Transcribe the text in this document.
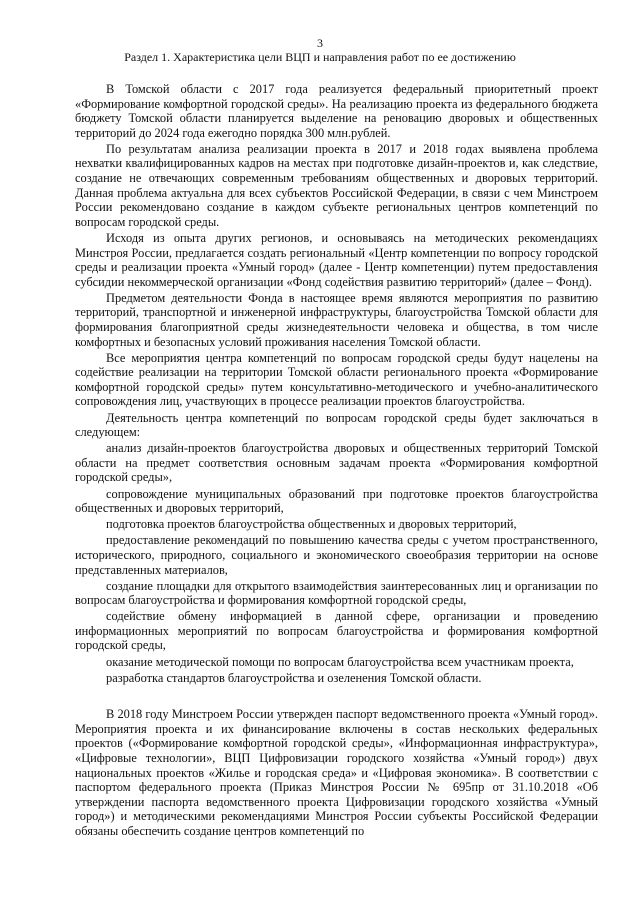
3
Раздел 1. Характеристика цели ВЦП и направления работ по ее достижению

В Томской области с 2017 года реализуется федеральный приоритетный проект «Формирование комфортной городской среды». На реализацию проекта из федерального бюджета бюджету Томской области планируется выделение на реновацию дворовых и общественных территорий до 2024 года ежегодно порядка 300 млн.рублей.

По результатам анализа реализации проекта в 2017 и 2018 годах выявлена проблема нехватки квалифицированных кадров на местах при подготовке дизайн-проектов и, как следствие, создание не отвечающих современным требованиям общественных и дворовых территорий. Данная проблема актуальна для всех субъектов Российской Федерации, в связи с чем Минстроем России рекомендовано создание в каждом субъекте региональных центров компетенций по вопросам городской среды.

Исходя из опыта других регионов, и основываясь на методических рекомендациях Минстроя России, предлагается создать региональный «Центр компетенции по вопросу городской среды и реализации проекта «Умный город» (далее - Центр компетенции) путем предоставления субсидии некоммерческой организации «Фонд содействия развитию территорий» (далее – Фонд).

Предметом деятельности Фонда в настоящее время являются мероприятия по развитию территорий, транспортной и инженерной инфраструктуры, благоустройства Томской области для формирования благоприятной среды жизнедеятельности человека и общества, в том числе комфортных и безопасных условий проживания населения Томской области.

Все мероприятия центра компетенций по вопросам городской среды будут нацелены на содействие реализации на территории Томской области регионального проекта «Формирование комфортной городской среды» путем консультативно-методического и учебно-аналитического сопровождения лиц, участвующих в процессе реализации проектов благоустройства.

Деятельность центра компетенций по вопросам городской среды будет заключаться в следующем:

анализ дизайн-проектов благоустройства дворовых и общественных территорий Томской области на предмет соответствия основным задачам проекта «Формирования комфортной городской среды»,

сопровождение муниципальных образований при подготовке проектов благоустройства общественных и дворовых территорий,

подготовка проектов благоустройства общественных и дворовых территорий,

предоставление рекомендаций по повышению качества среды с учетом пространственного, исторического, природного, социального и экономического своеобразия территории на основе представленных материалов,

создание площадки для открытого взаимодействия заинтересованных лиц и организации по вопросам благоустройства и формирования комфортной городской среды,

содействие обмену информацией в данной сфере, организации и проведению информационных мероприятий по вопросам благоустройства и формирования комфортной городской среды,

оказание методической помощи по вопросам благоустройства всем участникам проекта,

разработка стандартов благоустройства и озеленения Томской области.

В 2018 году Минстроем России утвержден паспорт ведомственного проекта «Умный город». Мероприятия проекта и их финансирование включены в состав нескольких федеральных проектов («Формирование комфортной городской среды», «Информационная инфраструктура», «Цифровые технологии», ВЦП Цифровизации городского хозяйства «Умный город») двух национальных проектов «Жилье и городская среда» и «Цифровая экономика». В соответствии с паспортом федерального проекта (Приказ Минстроя России № 695пр от 31.10.2018 «Об утверждении паспорта ведомственного проекта Цифровизации городского хозяйства «Умный город») и методическими рекомендациями Минстроя России субъекты Российской Федерации обязаны обеспечить создание центров компетенций по
